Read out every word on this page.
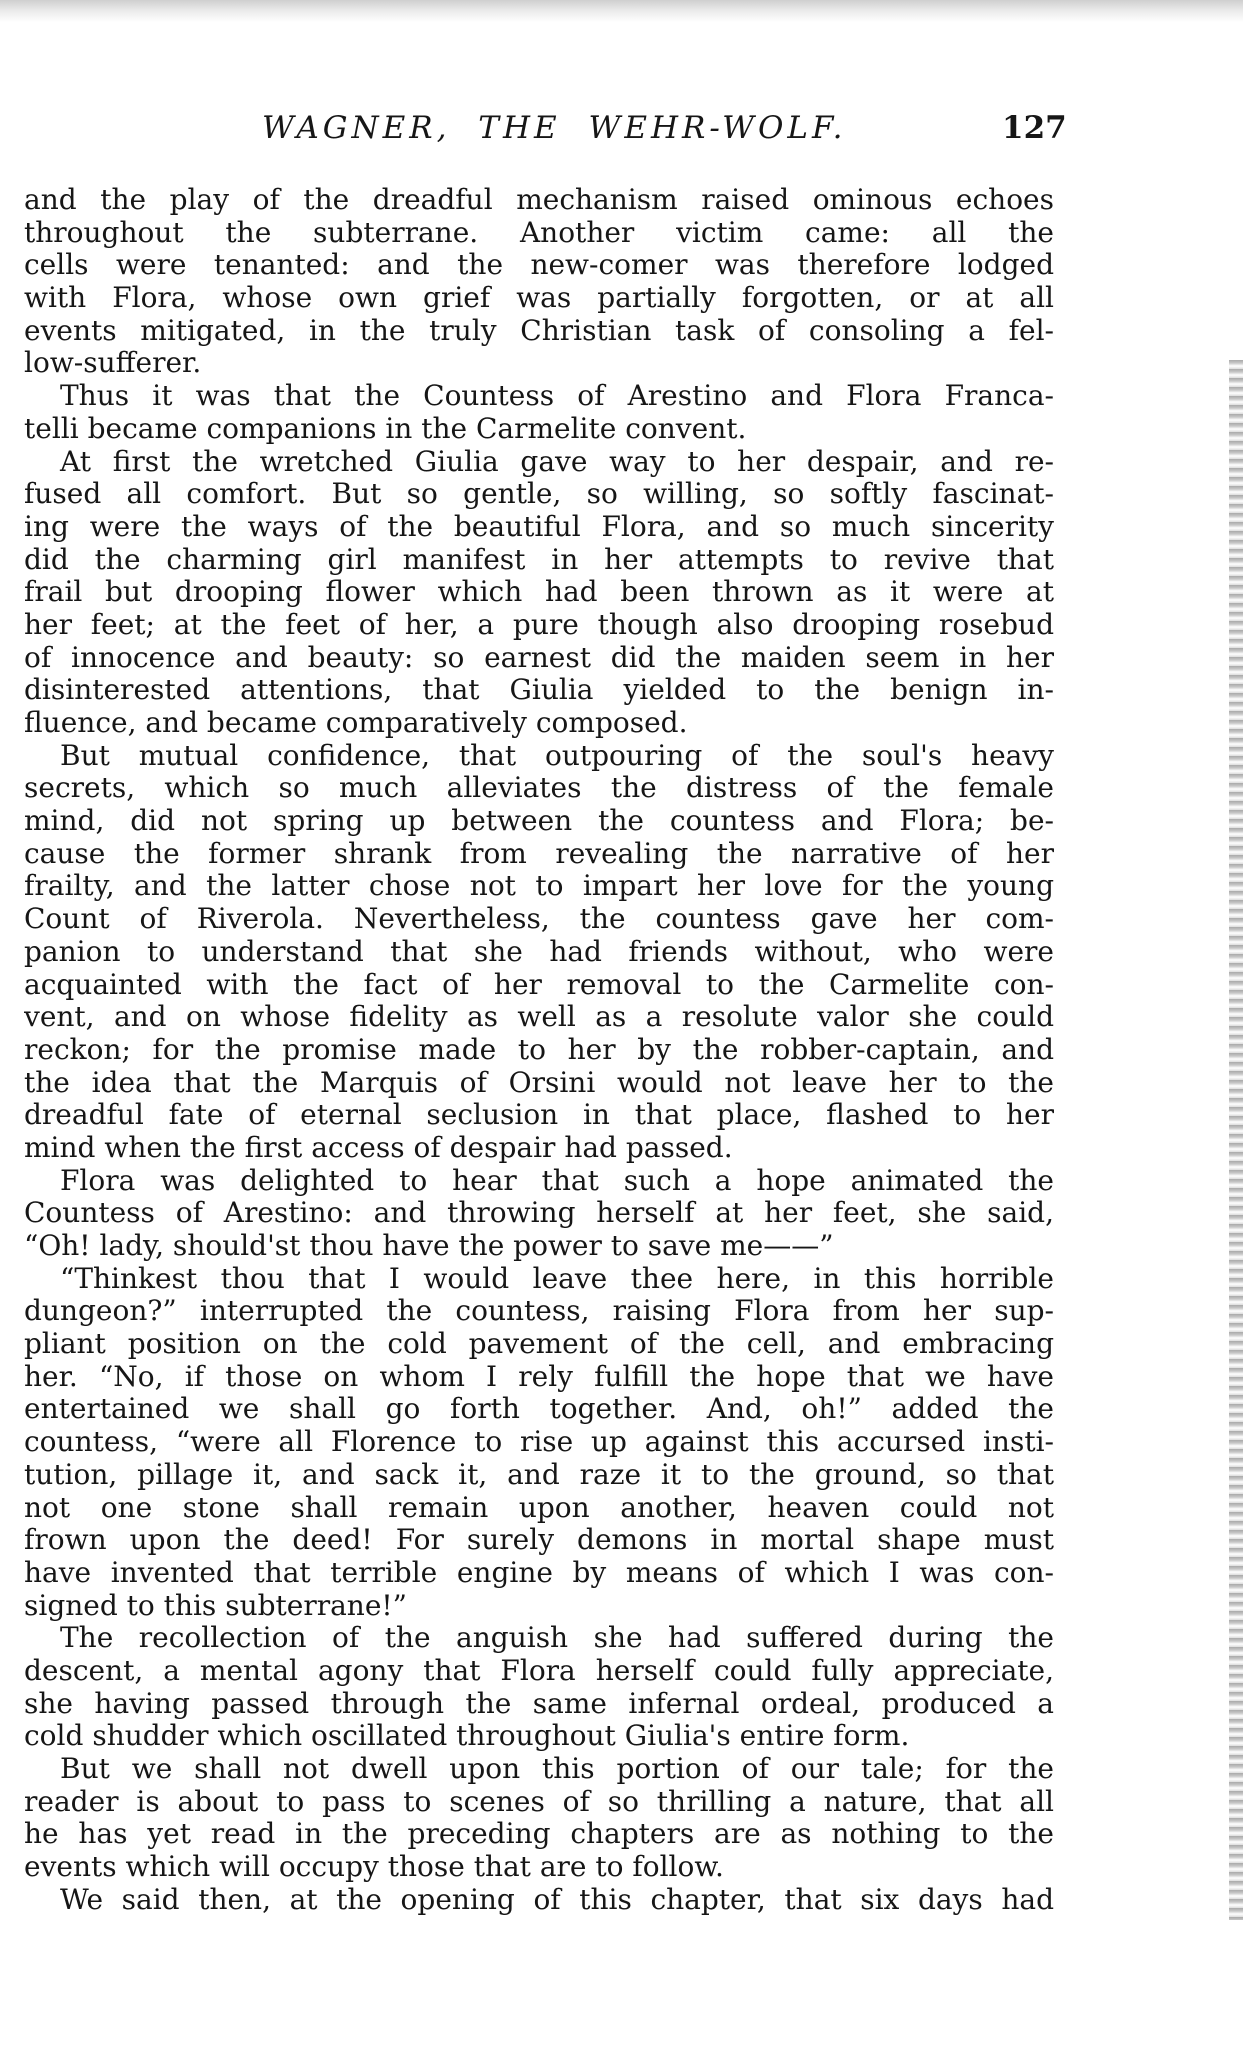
WAGNER, THE WEHR-WOLF.	127
and the play of the dreadful mechanism raised ominous echoes
throughout the subterrane. Another victim came: all the
cells were tenanted: and the new-comer was therefore lodged
with Flora, whose own grief was partially forgotten, or at all
events mitigated, in the truly Christian task of consoling a fel-
low-sufferer.
Thus it was that the Countess of Arestino and Flora Franca-
telli became companions in the Carmelite convent.
At first the wretched Giulia gave way to her despair, and re-
fused all comfort. But so gentle, so willing, so softly fascinat-
ing were the ways of the beautiful Flora, and so much sincerity
did the charming girl manifest in her attempts to revive that
frail but drooping flower which had been thrown as it were at
her feet; at the feet of her, a pure though also drooping rosebud
of innocence and beauty: so earnest did the maiden seem in her
disinterested attentions, that Giulia yielded to the benign in-
fluence, and became comparatively composed.
But mutual confidence, that outpouring of the soul's heavy
secrets, which so much alleviates the distress of the female
mind, did not spring up between the countess and Flora; be-
cause the former shrank from revealing the narrative of her
frailty, and the latter chose not to impart her love for the young
Count of Riverola. Nevertheless, the countess gave her com-
panion to understand that she had friends without, who were
acquainted with the fact of her removal to the Carmelite con-
vent, and on whose fidelity as well as a resolute valor she could
reckon; for the promise made to her by the robber-captain, and
the idea that the Marquis of Orsini would not leave her to the
dreadful fate of eternal seclusion in that place, flashed to her
mind when the first access of despair had passed.
Flora was delighted to hear that such a hope animated the
Countess of Arestino: and throwing herself at her feet, she said,
“Oh! lady, should'st thou have the power to save me——”
“Thinkest thou that I would leave thee here, in this horrible
dungeon?” interrupted the countess, raising Flora from her sup-
pliant position on the cold pavement of the cell, and embracing
her. “No, if those on whom I rely fulfill the hope that we have
entertained we shall go forth together. And, oh!” added the
countess, “were all Florence to rise up against this accursed insti-
tution, pillage it, and sack it, and raze it to the ground, so that
not one stone shall remain upon another, heaven could not
frown upon the deed! For surely demons in mortal shape must
have invented that terrible engine by means of which I was con-
signed to this subterrane!”
The recollection of the anguish she had suffered during the
descent, a mental agony that Flora herself could fully appreciate,
she having passed through the same infernal ordeal, produced a
cold shudder which oscillated throughout Giulia's entire form.
But we shall not dwell upon this portion of our tale; for the
reader is about to pass to scenes of so thrilling a nature, that all
he has yet read in the preceding chapters are as nothing to the
events which will occupy those that are to follow.
We said then, at the opening of this chapter, that six days had
